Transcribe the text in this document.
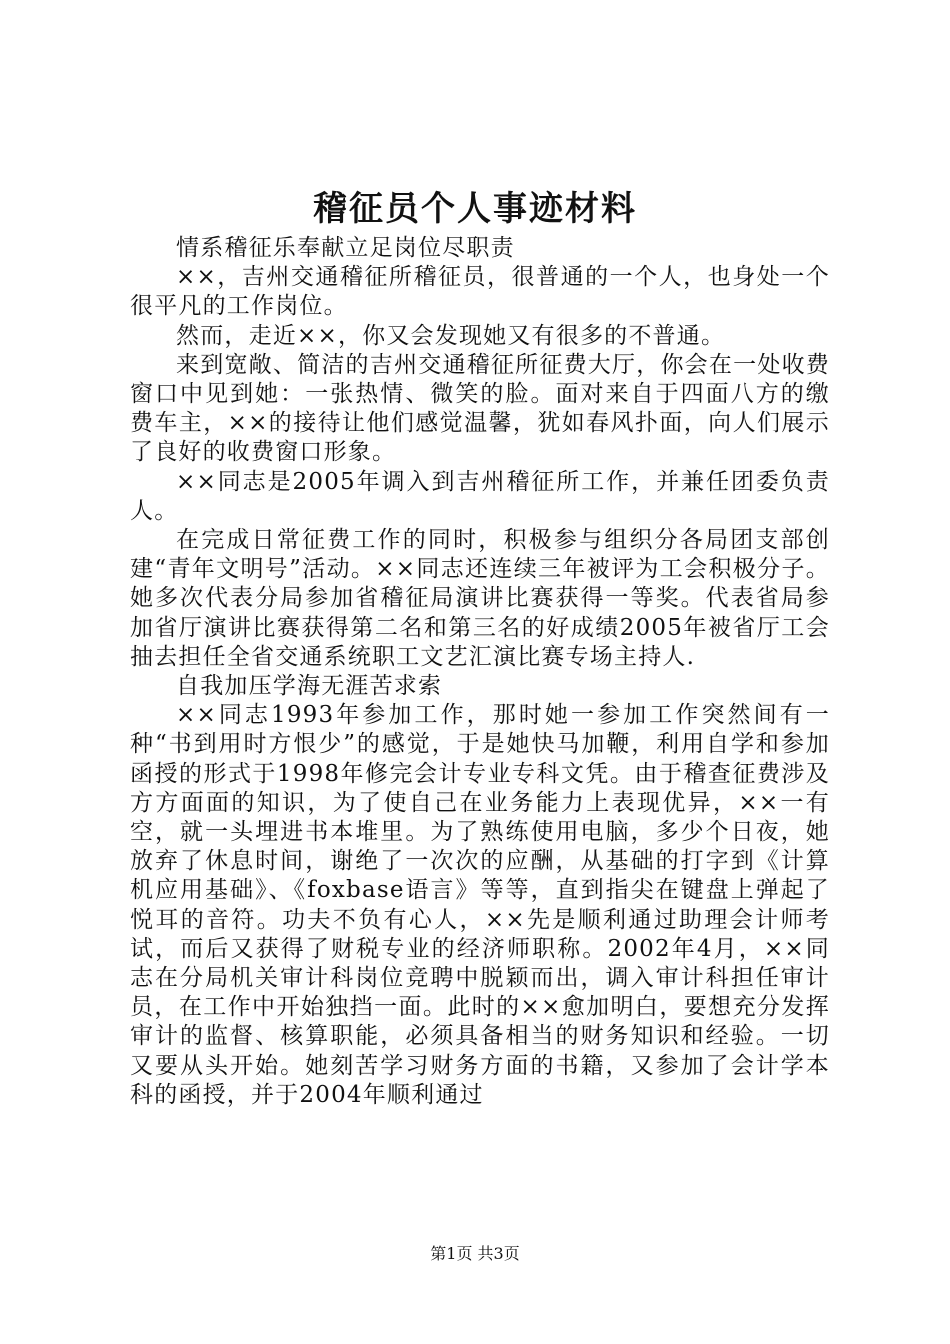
稽征员个人事迹材料

情系稽征乐奉献立足岗位尽职责

××，吉州交通稽征所稽征员，很普通的一个人，也身处一个很平凡的工作岗位。

然而，走近××，你又会发现她又有很多的不普通。

来到宽敞、简洁的吉州交通稽征所征费大厅，你会在一处收费窗口中见到她：一张热情、微笑的脸。面对来自于四面八方的缴费车主，××的接待让他们感觉温馨，犹如春风扑面，向人们展示了良好的收费窗口形象。

××同志是2005年调入到吉州稽征所工作，并兼任团委负责人。

在完成日常征费工作的同时，积极参与组织分各局团支部创建“青年文明号”活动。××同志还连续三年被评为工会积极分子。她多次代表分局参加省稽征局演讲比赛获得一等奖。代表省局参加省厅演讲比赛获得第二名和第三名的好成绩2005年被省厅工会抽去担任全省交通系统职工文艺汇演比赛专场主持人.

自我加压学海无涯苦求索

××同志1993年参加工作，那时她一参加工作突然间有一种“书到用时方恨少”的感觉，于是她快马加鞭，利用自学和参加函授的形式于1998年修完会计专业专科文凭。由于稽查征费涉及方方面面的知识，为了使自己在业务能力上表现优异，××一有空，就一头埋进书本堆里。为了熟练使用电脑，多少个日夜，她放弃了休息时间，谢绝了一次次的应酬，从基础的打字到《计算机应用基础》、《foxbase语言》等等，直到指尖在键盘上弹起了悦耳的音符。功夫不负有心人，××先是顺利通过助理会计师考试，而后又获得了财税专业的经济师职称。2002年4月，××同志在分局机关审计科岗位竞聘中脱颖而出，调入审计科担任审计员，在工作中开始独挡一面。此时的××愈加明白，要想充分发挥审计的监督、核算职能，必须具备相当的财务知识和经验。一切又要从头开始。她刻苦学习财务方面的书籍，又参加了会计学本科的函授，并于2004年顺利通过

第1页 共3页
